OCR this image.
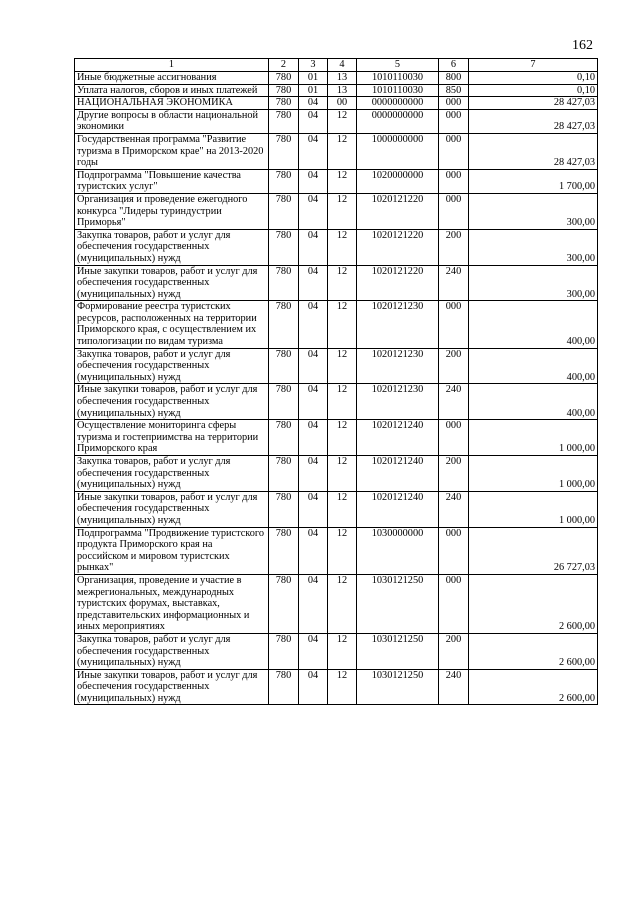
162
1	2	3	4	5	6	7
Иные бюджетные ассигнования	780	01	13	1010110030	800	0,10
Уплата налогов, сборов и иных платежей	780	01	13	1010110030	850	0,10
НАЦИОНАЛЬНАЯ ЭКОНОМИКА	780	04	00	0000000000	000	28 427,03
Другие вопросы в области национальной экономики	780	04	12	0000000000	000	28 427,03
Государственная программа "Развитие туризма в Приморском крае" на 2013-2020 годы	780	04	12	1000000000	000	28 427,03
Подпрограмма "Повышение качества туристских услуг"	780	04	12	1020000000	000	1 700,00
Организация и проведение ежегодного конкурса "Лидеры туриндустрии Приморья"	780	04	12	1020121220	000	300,00
Закупка товаров, работ и услуг для обеспечения государственных (муниципальных) нужд	780	04	12	1020121220	200	300,00
Иные закупки товаров, работ и услуг для обеспечения государственных (муниципальных) нужд	780	04	12	1020121220	240	300,00
Формирование реестра туристских ресурсов, расположенных на территории Приморского края, с осуществлением их типологизации по видам туризма	780	04	12	1020121230	000	400,00
Закупка товаров, работ и услуг для обеспечения государственных (муниципальных) нужд	780	04	12	1020121230	200	400,00
Иные закупки товаров, работ и услуг для обеспечения государственных (муниципальных) нужд	780	04	12	1020121230	240	400,00
Осуществление мониторинга сферы туризма и гостеприимства на территории Приморского края	780	04	12	1020121240	000	1 000,00
Закупка товаров, работ и услуг для обеспечения государственных (муниципальных) нужд	780	04	12	1020121240	200	1 000,00
Иные закупки товаров, работ и услуг для обеспечения государственных (муниципальных) нужд	780	04	12	1020121240	240	1 000,00
Подпрограмма "Продвижение туристского продукта Приморского края на российском и мировом туристских рынках"	780	04	12	1030000000	000	26 727,03
Организация, проведение и участие в межрегиональных, международных туристских форумах, выставках, представительских информационных и иных мероприятиях	780	04	12	1030121250	000	2 600,00
Закупка товаров, работ и услуг для обеспечения государственных (муниципальных) нужд	780	04	12	1030121250	200	2 600,00
Иные закупки товаров, работ и услуг для обеспечения государственных (муниципальных) нужд	780	04	12	1030121250	240	2 600,00
